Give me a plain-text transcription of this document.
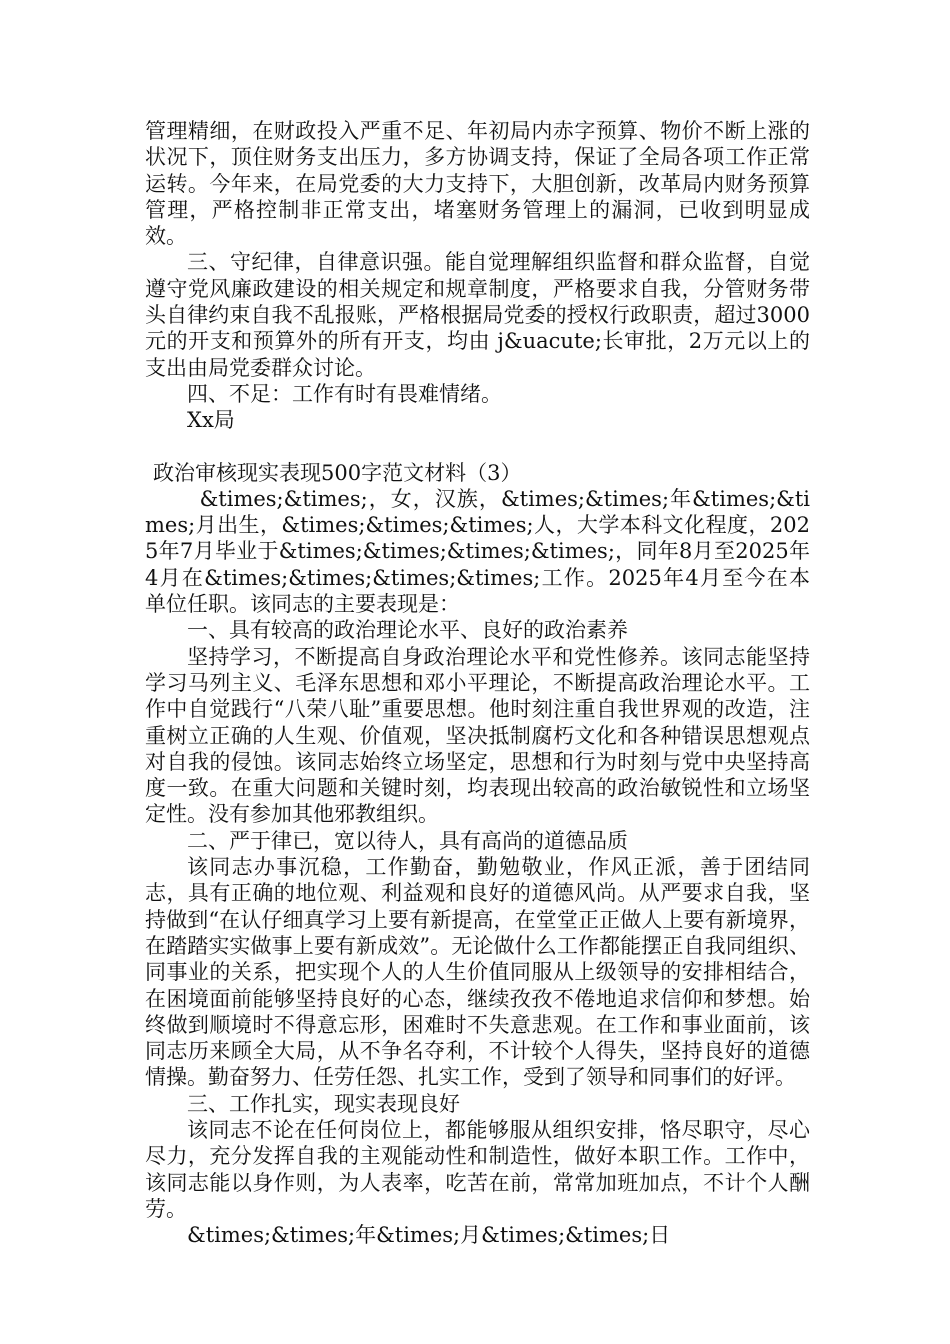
管理精细，在财政投入严重不足、年初局内赤字预算、物价不断上涨的状况下，顶住财务支出压力，多方协调支持，保证了全局各项工作正常运转。今年来，在局党委的大力支持下，大胆创新，改革局内财务预算管理，严格控制非正常支出，堵塞财务管理上的漏洞，已收到明显成效。

三、守纪律，自律意识强。能自觉理解组织监督和群众监督，自觉遵守党风廉政建设的相关规定和规章制度，严格要求自我，分管财务带头自律约束自我不乱报账，严格根据局党委的授权行政职责，超过3000元的开支和预算外的所有开支，均由 j&uacute;长审批，2万元以上的支出由局党委群众讨论。

四、不足：工作有时有畏难情绪。

Xx局

政治审核现实表现500字范文材料（3）

&times;&times;，女，汉族，&times;&times;年&times;&times;月出生，&times;&times;&times;人，大学本科文化程度，2025年7月毕业于&times;&times;&times;&times;，同年8月至2025年4月在&times;&times;&times;&times;工作。2025年4月至今在本单位任职。该同志的主要表现是：

一、具有较高的政治理论水平、良好的政治素养

坚持学习，不断提高自身政治理论水平和党性修养。该同志能坚持学习马列主义、毛泽东思想和邓小平理论，不断提高政治理论水平。工作中自觉践行“八荣八耻”重要思想。他时刻注重自我世界观的改造，注重树立正确的人生观、价值观，坚决抵制腐朽文化和各种错误思想观点对自我的侵蚀。该同志始终立场坚定，思想和行为时刻与党中央坚持高度一致。在重大问题和关键时刻，均表现出较高的政治敏锐性和立场坚定性。没有参加其他邪教组织。

二、严于律已，宽以待人，具有高尚的道德品质

该同志办事沉稳，工作勤奋，勤勉敬业，作风正派，善于团结同志，具有正确的地位观、利益观和良好的道德风尚。从严要求自我，坚持做到“在认仔细真学习上要有新提高，在堂堂正正做人上要有新境界，在踏踏实实做事上要有新成效”。无论做什么工作都能摆正自我同组织、同事业的关系，把实现个人的人生价值同服从上级领导的安排相结合，在困境面前能够坚持良好的心态，继续孜孜不倦地追求信仰和梦想。始终做到顺境时不得意忘形，困难时不失意悲观。在工作和事业面前，该同志历来顾全大局，从不争名夺利，不计较个人得失，坚持良好的道德情操。勤奋努力、任劳任怨、扎实工作，受到了领导和同事们的好评。

三、工作扎实，现实表现良好

该同志不论在任何岗位上，都能够服从组织安排，恪尽职守，尽心尽力，充分发挥自我的主观能动性和制造性，做好本职工作。工作中，该同志能以身作则，为人表率，吃苦在前，常常加班加点，不计个人酬劳。

&times;&times;年&times;月&times;&times;日
